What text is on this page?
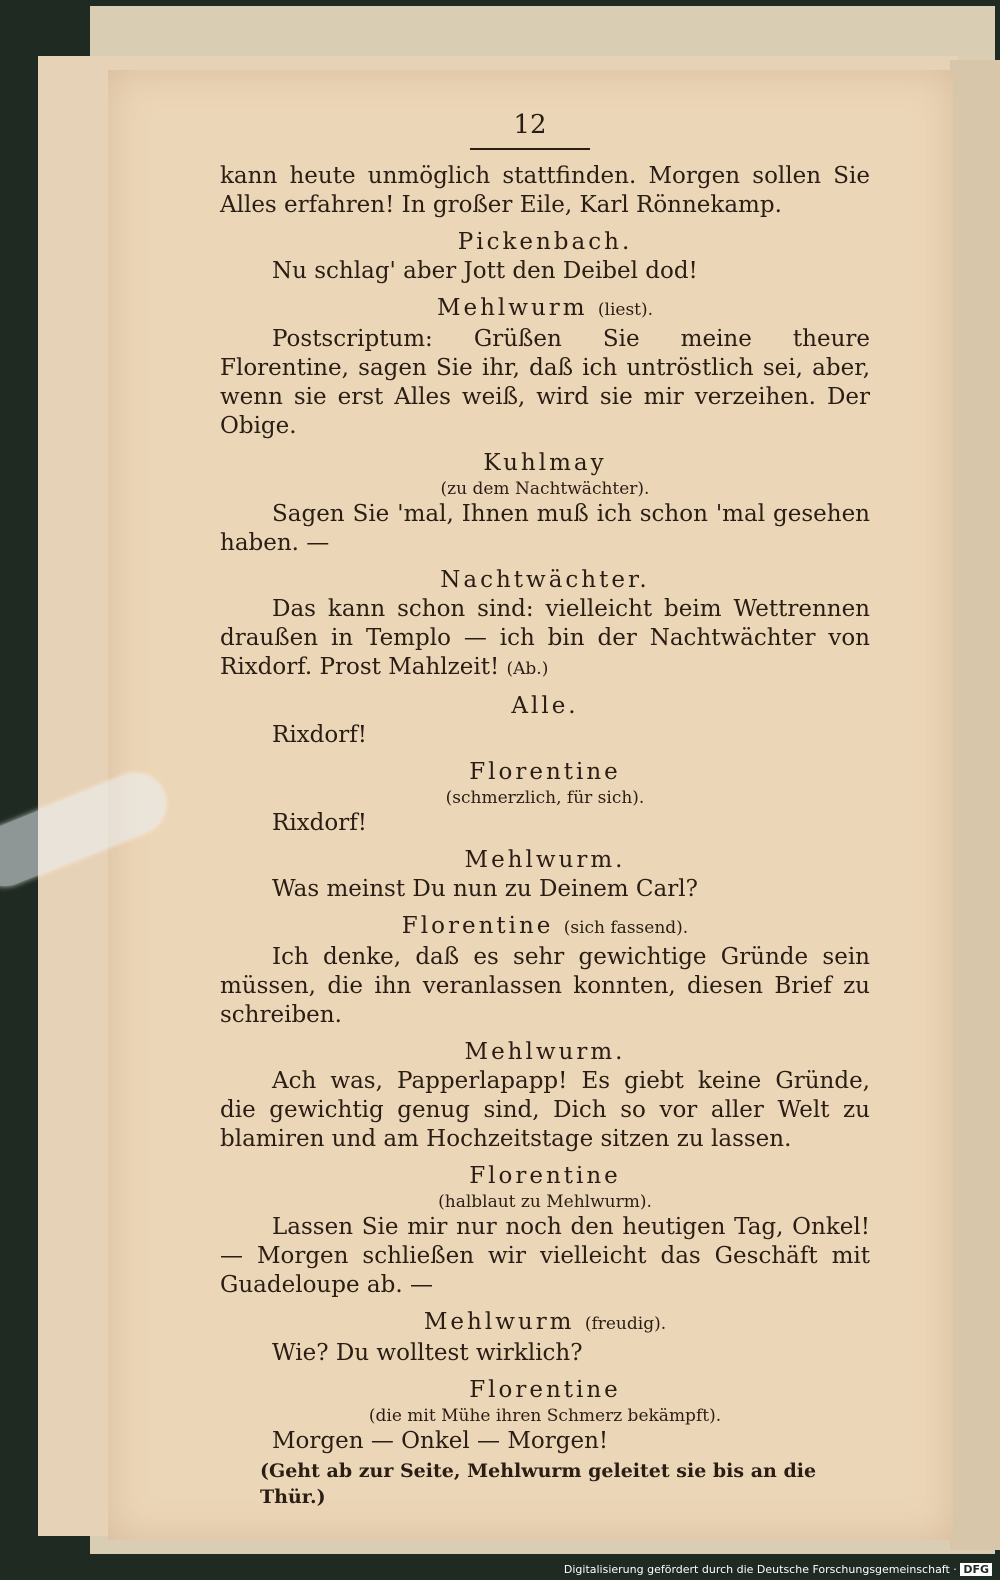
12

kann heute unmöglich stattfinden. Morgen sollen Sie Alles erfahren! In großer Eile, Karl Rönnekamp.

Pickenbach.

Nu schlag' aber Jott den Deibel dod!

Mehlwurm (liest).

Postscriptum: Grüßen Sie meine theure Florentine, sagen Sie ihr, daß ich untröstlich sei, aber, wenn sie erst Alles weiß, wird sie mir verzeihen. Der Obige.

Kuhlmay

(zu dem Nachtwächter).

Sagen Sie 'mal, Ihnen muß ich schon 'mal gesehen haben. —

Nachtwächter.

Das kann schon sind: vielleicht beim Wettrennen draußen in Templo — ich bin der Nachtwächter von Rixdorf. Prost Mahlzeit! (Ab.)

Alle.

Rixdorf!

Florentine

(schmerzlich, für sich).

Rixdorf!

Mehlwurm.

Was meinst Du nun zu Deinem Carl?

Florentine (sich fassend).

Ich denke, daß es sehr gewichtige Gründe sein müssen, die ihn veranlassen konnten, diesen Brief zu schreiben.

Mehlwurm.

Ach was, Papperlapapp! Es giebt keine Gründe, die gewichtig genug sind, Dich so vor aller Welt zu blamiren und am Hochzeitstage sitzen zu lassen.

Florentine

(halblaut zu Mehlwurm).

Lassen Sie mir nur noch den heutigen Tag, Onkel! — Morgen schließen wir vielleicht das Geschäft mit Guadeloupe ab. —

Mehlwurm (freudig).

Wie? Du wolltest wirklich?

Florentine

(die mit Mühe ihren Schmerz bekämpft).

Morgen — Onkel — Morgen!

(Geht ab zur Seite, Mehlwurm geleitet sie bis an die Thür.)

Digitalisierung gefördert durch die Deutsche Forschungsgemeinschaft · DFG
